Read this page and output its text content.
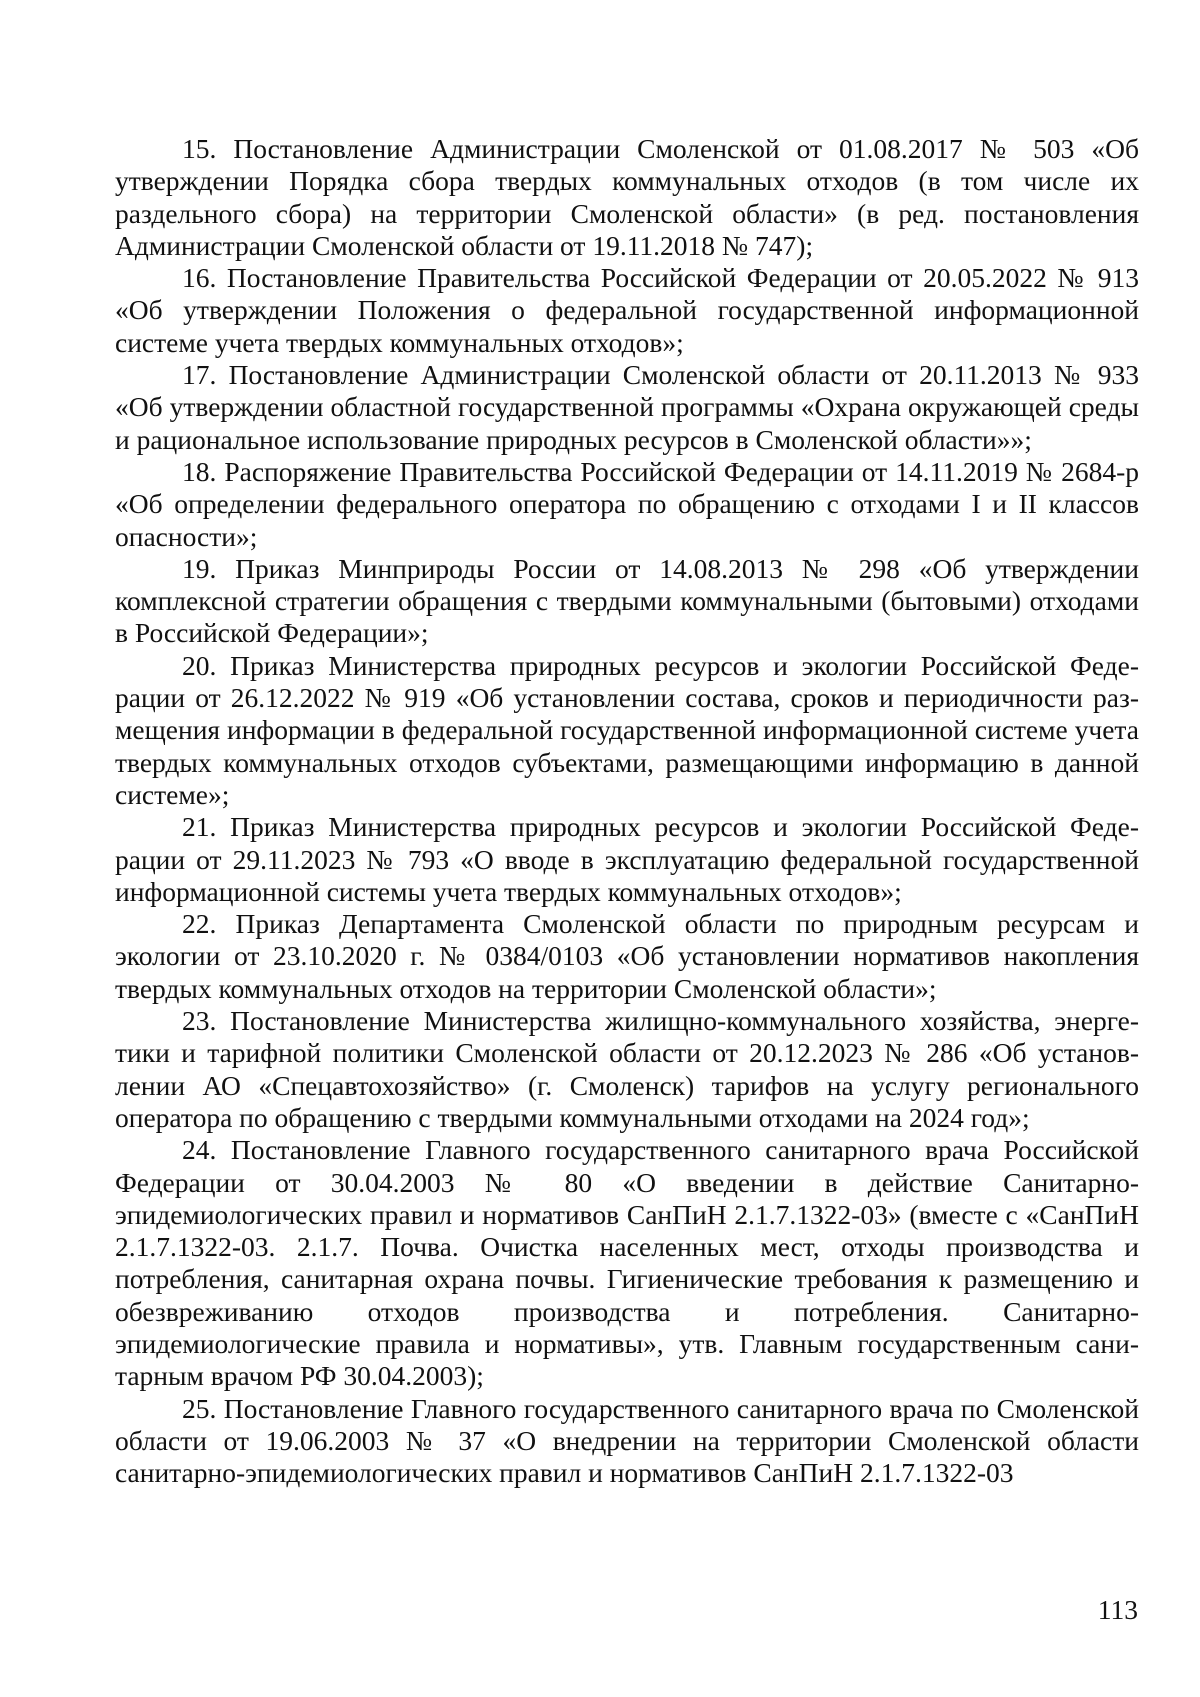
15. Постановление Администрации Смоленской от 01.08.2017 № 503 «Об утверждении Порядка сбора твердых коммунальных отходов (в том числе их раздельного сбора) на территории Смоленской области» (в ред. постановления Администрации Смоленской области от 19.11.2018 № 747);

16. Постановление Правительства Российской Федерации от 20.05.2022 № 913 «Об утверждении Положения о федеральной государственной информационной системе учета твердых коммунальных отходов»;

17. Постановление Администрации Смоленской области от 20.11.2013 № 933 «Об утверждении областной государственной программы «Охрана окружающей среды и рациональное использование природных ресурсов в Смоленской области»»;

18. Распоряжение Правительства Российской Федерации от 14.11.2019 № 2684-р «Об определении федерального оператора по обращению с отходами I и II классов опасности»;

19. Приказ Минприроды России от 14.08.2013 № 298 «Об утверждении комплексной стратегии обращения с твердыми коммунальными (бытовыми) отходами в Российской Федерации»;

20. Приказ Министерства природных ресурсов и экологии Российской Федерации от 26.12.2022 № 919 «Об установлении состава, сроков и периодичности размещения информации в федеральной государственной информационной системе учета твердых коммунальных отходов субъектами, размещающими информацию в данной системе»;

21. Приказ Министерства природных ресурсов и экологии Российской Федерации от 29.11.2023 № 793 «О вводе в эксплуатацию федеральной государственной информационной системы учета твердых коммунальных отходов»;

22. Приказ Департамента Смоленской области по природным ресурсам и экологии от 23.10.2020 г. № 0384/0103 «Об установлении нормативов накопления твердых коммунальных отходов на территории Смоленской области»;

23. Постановление Министерства жилищно-коммунального хозяйства, энергетики и тарифной политики Смоленской области от 20.12.2023 № 286 «Об установлении АО «Спецавтохозяйство» (г. Смоленск) тарифов на услугу регионального оператора по обращению с твердыми коммунальными отходами на 2024 год»;

24. Постановление Главного государственного санитарного врача Российской Федерации от 30.04.2003 № 80 «О введении в действие Санитарно-эпидемиологических правил и нормативов СанПиН 2.1.7.1322-03» (вместе с «СанПиН 2.1.7.1322-03. 2.1.7. Почва. Очистка населенных мест, отходы производства и потребления, санитарная охрана почвы. Гигиенические требования к размещению и обезвреживанию отходов производства и потребления. Санитарно-эпидемиологические правила и нормативы», утв. Главным государственным санитарным врачом РФ 30.04.2003);

25. Постановление Главного государственного санитарного врача по Смоленской области от 19.06.2003 № 37 «О внедрении на территории Смоленской области санитарно-эпидемиологических правил и нормативов СанПиН 2.1.7.1322-03

113
